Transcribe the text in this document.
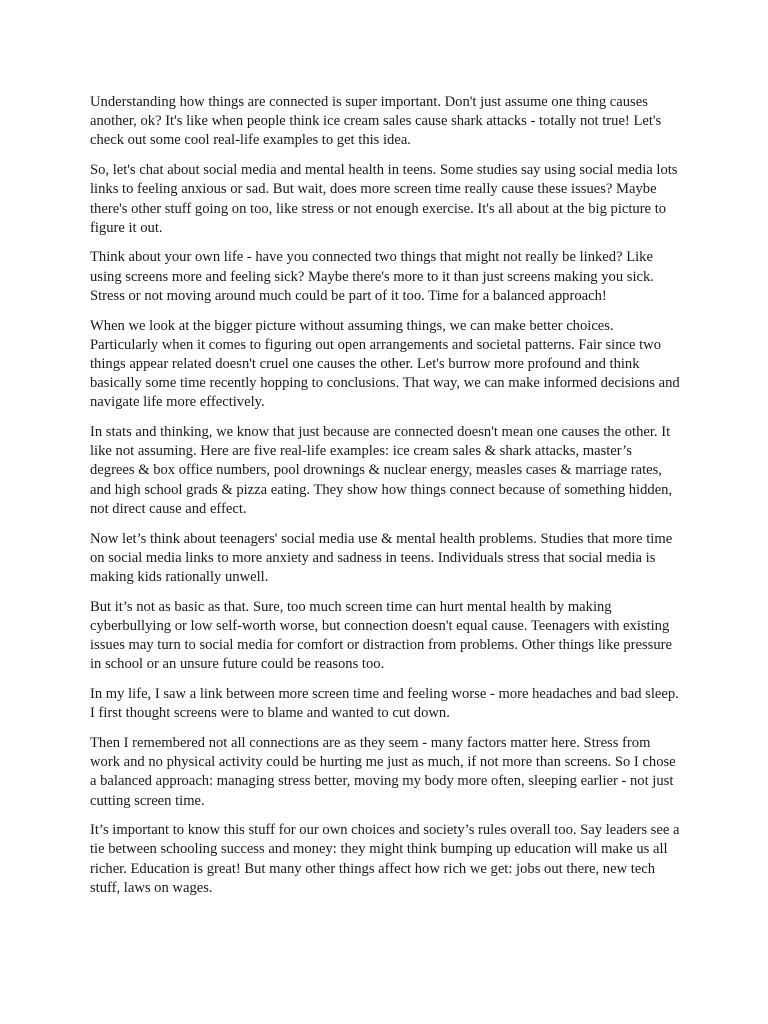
Understanding how things are connected is super important. Don't just assume one thing causes another, ok? It's like when people think ice cream sales cause shark attacks - totally not true! Let's check out some cool real-life examples to get this idea.

So, let's chat about social media and mental health in teens. Some studies say using social media lots links to feeling anxious or sad. But wait, does more screen time really cause these issues? Maybe there's other stuff going on too, like stress or not enough exercise. It's all about at the big picture to figure it out.

Think about your own life - have you connected two things that might not really be linked? Like using screens more and feeling sick? Maybe there's more to it than just screens making you sick. Stress or not moving around much could be part of it too. Time for a balanced approach!

When we look at the bigger picture without assuming things, we can make better choices. Particularly when it comes to figuring out open arrangements and societal patterns. Fair since two things appear related doesn't cruel one causes the other. Let's burrow more profound and think basically some time recently hopping to conclusions. That way, we can make informed decisions and navigate life more effectively.

In stats and thinking, we know that just because are connected doesn't mean one causes the other. It like not assuming. Here are five real-life examples: ice cream sales & shark attacks, master’s degrees & box office numbers, pool drownings & nuclear energy, measles cases & marriage rates, and high school grads & pizza eating. They show how things connect because of something hidden, not direct cause and effect.

Now let’s think about teenagers' social media use & mental health problems. Studies that more time on social media links to more anxiety and sadness in teens. Individuals stress that social media is making kids rationally unwell.

But it’s not as basic as that. Sure, too much screen time can hurt mental health by making cyberbullying or low self-worth worse, but connection doesn't equal cause. Teenagers with existing issues may turn to social media for comfort or distraction from problems. Other things like pressure in school or an unsure future could be reasons too.

In my life, I saw a link between more screen time and feeling worse - more headaches and bad sleep. I first thought screens were to blame and wanted to cut down.

Then I remembered not all connections are as they seem - many factors matter here. Stress from work and no physical activity could be hurting me just as much, if not more than screens. So I chose a balanced approach: managing stress better, moving my body more often, sleeping earlier - not just cutting screen time.

It’s important to know this stuff for our own choices and society’s rules overall too. Say leaders see a tie between schooling success and money: they might think bumping up education will make us all richer. Education is great! But many other things affect how rich we get: jobs out there, new tech stuff, laws on wages.
